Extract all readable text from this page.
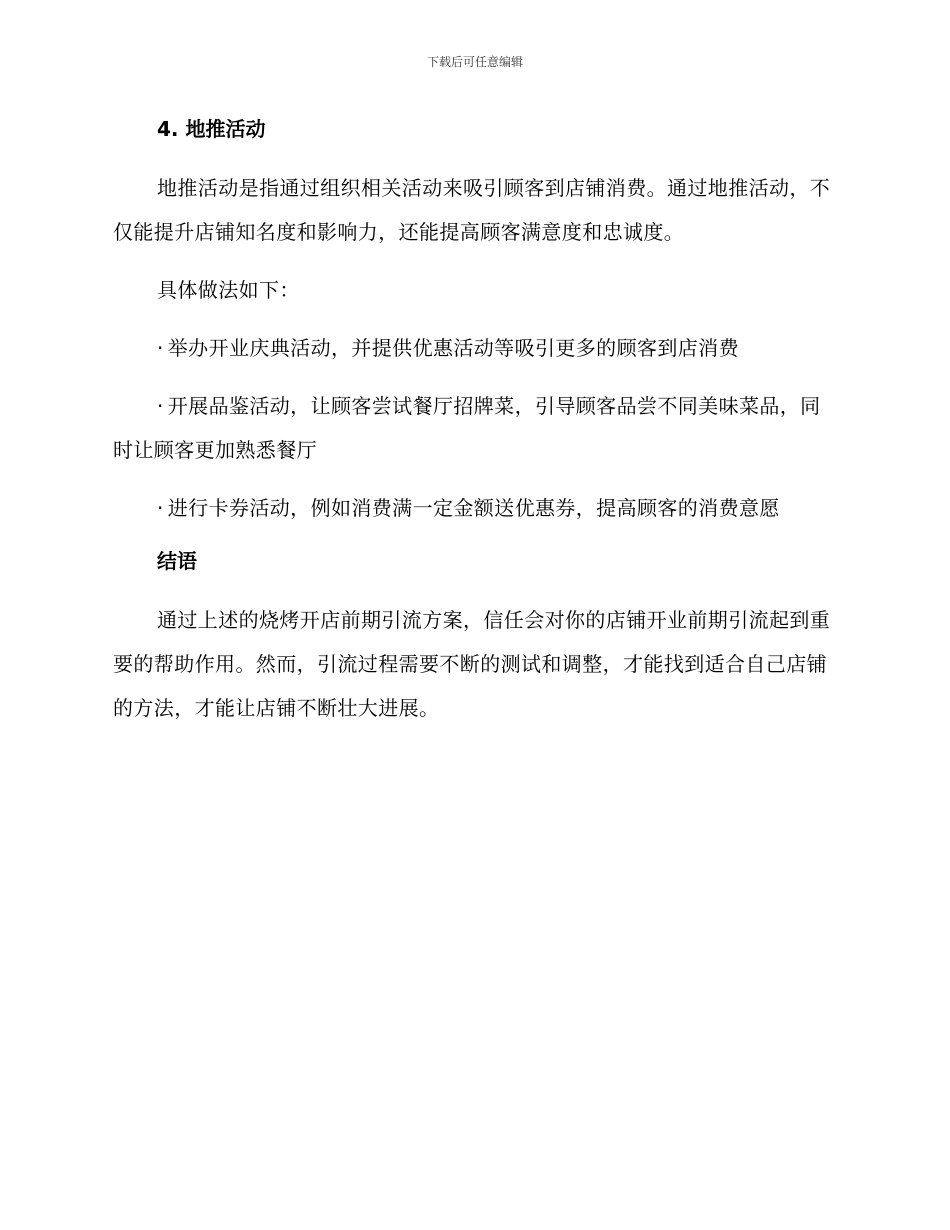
下载后可任意编辑
4. 地推活动

地推活动是指通过组织相关活动来吸引顾客到店铺消费。通过地推活动，不仅能提升店铺知名度和影响力，还能提高顾客满意度和忠诚度。

具体做法如下：

· 举办开业庆典活动，并提供优惠活动等吸引更多的顾客到店消费
· 开展品鉴活动，让顾客尝试餐厅招牌菜，引导顾客品尝不同美味菜品，同时让顾客更加熟悉餐厅
· 进行卡券活动，例如消费满一定金额送优惠券，提高顾客的消费意愿
结语

通过上述的烧烤开店前期引流方案，信任会对你的店铺开业前期引流起到重要的帮助作用。然而，引流过程需要不断的测试和调整，才能找到适合自己店铺的方法，才能让店铺不断壮大进展。
